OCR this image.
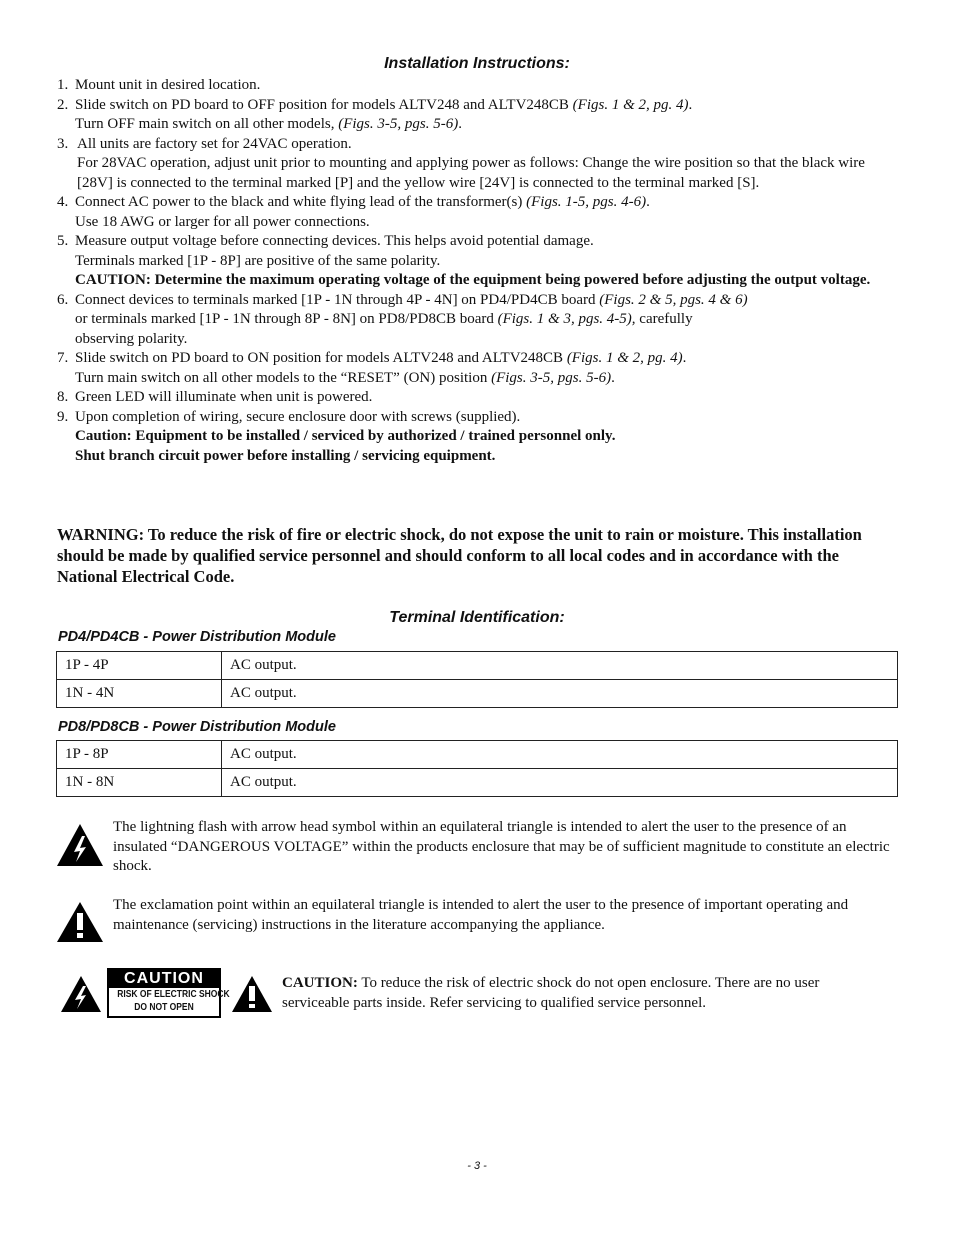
Installation Instructions:
1. Mount unit in desired location.
2. Slide switch on PD board to OFF position for models ALTV248 and ALTV248CB (Figs. 1 & 2, pg. 4).
Turn OFF main switch on all other models, (Figs. 3-5, pgs. 5-6).
3. All units are factory set for 24VAC operation.
For 28VAC operation, adjust unit prior to mounting and applying power as follows: Change the wire position so that the black wire [28V] is connected to the terminal marked [P] and the yellow wire [24V] is connected to the terminal marked [S].
4. Connect AC power to the black and white flying lead of the transformer(s) (Figs. 1-5, pgs. 4-6).
Use 18 AWG or larger for all power connections.
5. Measure output voltage before connecting devices. This helps avoid potential damage.
Terminals marked [1P - 8P] are positive of the same polarity.
CAUTION: Determine the maximum operating voltage of the equipment being powered before adjusting the output voltage.
6. Connect devices to terminals marked [1P - 1N through 4P - 4N] on PD4/PD4CB board (Figs. 2 & 5, pgs. 4 & 6)
or terminals marked [1P - 1N through 8P - 8N] on PD8/PD8CB board (Figs. 1 & 3, pgs. 4-5), carefully
observing polarity.
7. Slide switch on PD board to ON position for models ALTV248 and ALTV248CB (Figs. 1 & 2, pg. 4).
Turn main switch on all other models to the “RESET” (ON) position (Figs. 3-5, pgs. 5-6).
8. Green LED will illuminate when unit is powered.
9. Upon completion of wiring, secure enclosure door with screws (supplied).
Caution: Equipment to be installed / serviced by authorized / trained personnel only.
Shut branch circuit power before installing / servicing equipment.
WARNING: To reduce the risk of fire or electric shock, do not expose the unit to rain or moisture. This installation should be made by qualified service personnel and should conform to all local codes and in accordance with the National Electrical Code.
Terminal Identification:
PD4/PD4CB - Power Distribution Module
1P - 4P	AC output.
1N - 4N	AC output.
PD8/PD8CB - Power Distribution Module
1P - 8P	AC output.
1N - 8N	AC output.
The lightning flash with arrow head symbol within an equilateral triangle is intended to alert the user to the presence of an insulated “DANGEROUS VOLTAGE” within the products enclosure that may be of sufficient magnitude to constitute an electric shock.
The exclamation point within an equilateral triangle is intended to alert the user to the presence of important operating and maintenance (servicing) instructions in the literature accompanying the appliance.
CAUTION
RISK OF ELECTRIC SHOCK
DO NOT OPEN
CAUTION: To reduce the risk of electric shock do not open enclosure. There are no user serviceable parts inside. Refer servicing to qualified service personnel.
- 3 -
